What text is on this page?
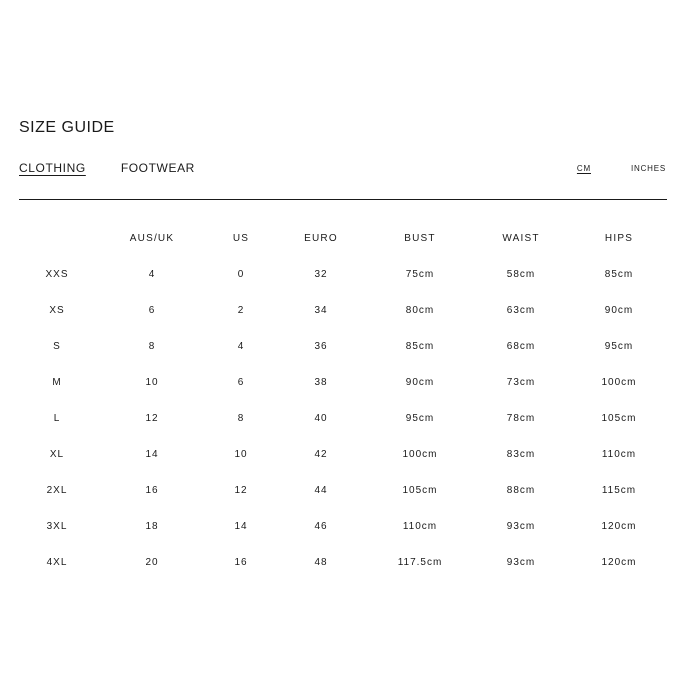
SIZE GUIDE
CLOTHING	FOOTWEAR	CM	INCHES
	AUS/UK	US	EURO	BUST	WAIST	HIPS
XXS	4	0	32	75cm	58cm	85cm
XS	6	2	34	80cm	63cm	90cm
S	8	4	36	85cm	68cm	95cm
M	10	6	38	90cm	73cm	100cm
L	12	8	40	95cm	78cm	105cm
XL	14	10	42	100cm	83cm	110cm
2XL	16	12	44	105cm	88cm	115cm
3XL	18	14	46	110cm	93cm	120cm
4XL	20	16	48	117.5cm	93cm	120cm
